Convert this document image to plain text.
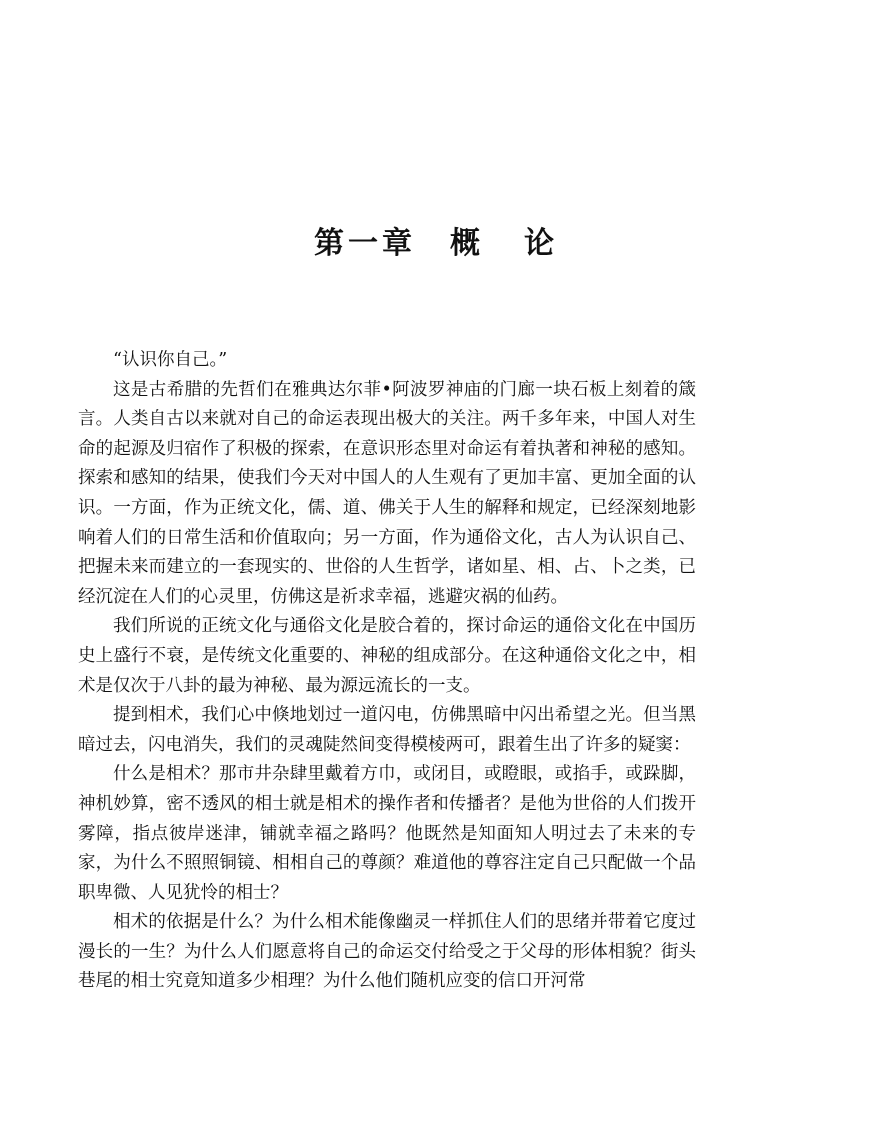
第一章 概 论

“认识你自己。”

这是古希腊的先哲们在雅典达尔菲•阿波罗神庙的门廊一块石板上刻着的箴言。人类自古以来就对自己的命运表现出极大的关注。两千多年来，中国人对生命的起源及归宿作了积极的探索，在意识形态里对命运有着执著和神秘的感知。探索和感知的结果，使我们今天对中国人的人生观有了更加丰富、更加全面的认识。一方面，作为正统文化，儒、道、佛关于人生的解释和规定，已经深刻地影响着人们的日常生活和价值取向；另一方面，作为通俗文化，古人为认识自己、把握未来而建立的一套现实的、世俗的人生哲学，诸如星、相、占、卜之类，已经沉淀在人们的心灵里，仿佛这是祈求幸福，逃避灾祸的仙药。

我们所说的正统文化与通俗文化是胶合着的，探讨命运的通俗文化在中国历史上盛行不衰，是传统文化重要的、神秘的组成部分。在这种通俗文化之中，相术是仅次于八卦的最为神秘、最为源远流长的一支。

提到相术，我们心中倏地划过一道闪电，仿佛黑暗中闪出希望之光。但当黑暗过去，闪电消失，我们的灵魂陡然间变得模棱两可，跟着生出了许多的疑窦：

什么是相术？那市井杂肆里戴着方巾，或闭目，或瞪眼，或掐手，或跺脚，神机妙算，密不透风的相士就是相术的操作者和传播者？是他为世俗的人们拨开雾障，指点彼岸迷津，铺就幸福之路吗？他既然是知面知人明过去了未来的专家，为什么不照照铜镜、相相自己的尊颜？难道他的尊容注定自己只配做一个品职卑微、人见犹怜的相士？

相术的依据是什么？为什么相术能像幽灵一样抓住人们的思绪并带着它度过漫长的一生？为什么人们愿意将自己的命运交付给受之于父母的形体相貌？街头巷尾的相士究竟知道多少相理？为什么他们随机应变的信口开河常
